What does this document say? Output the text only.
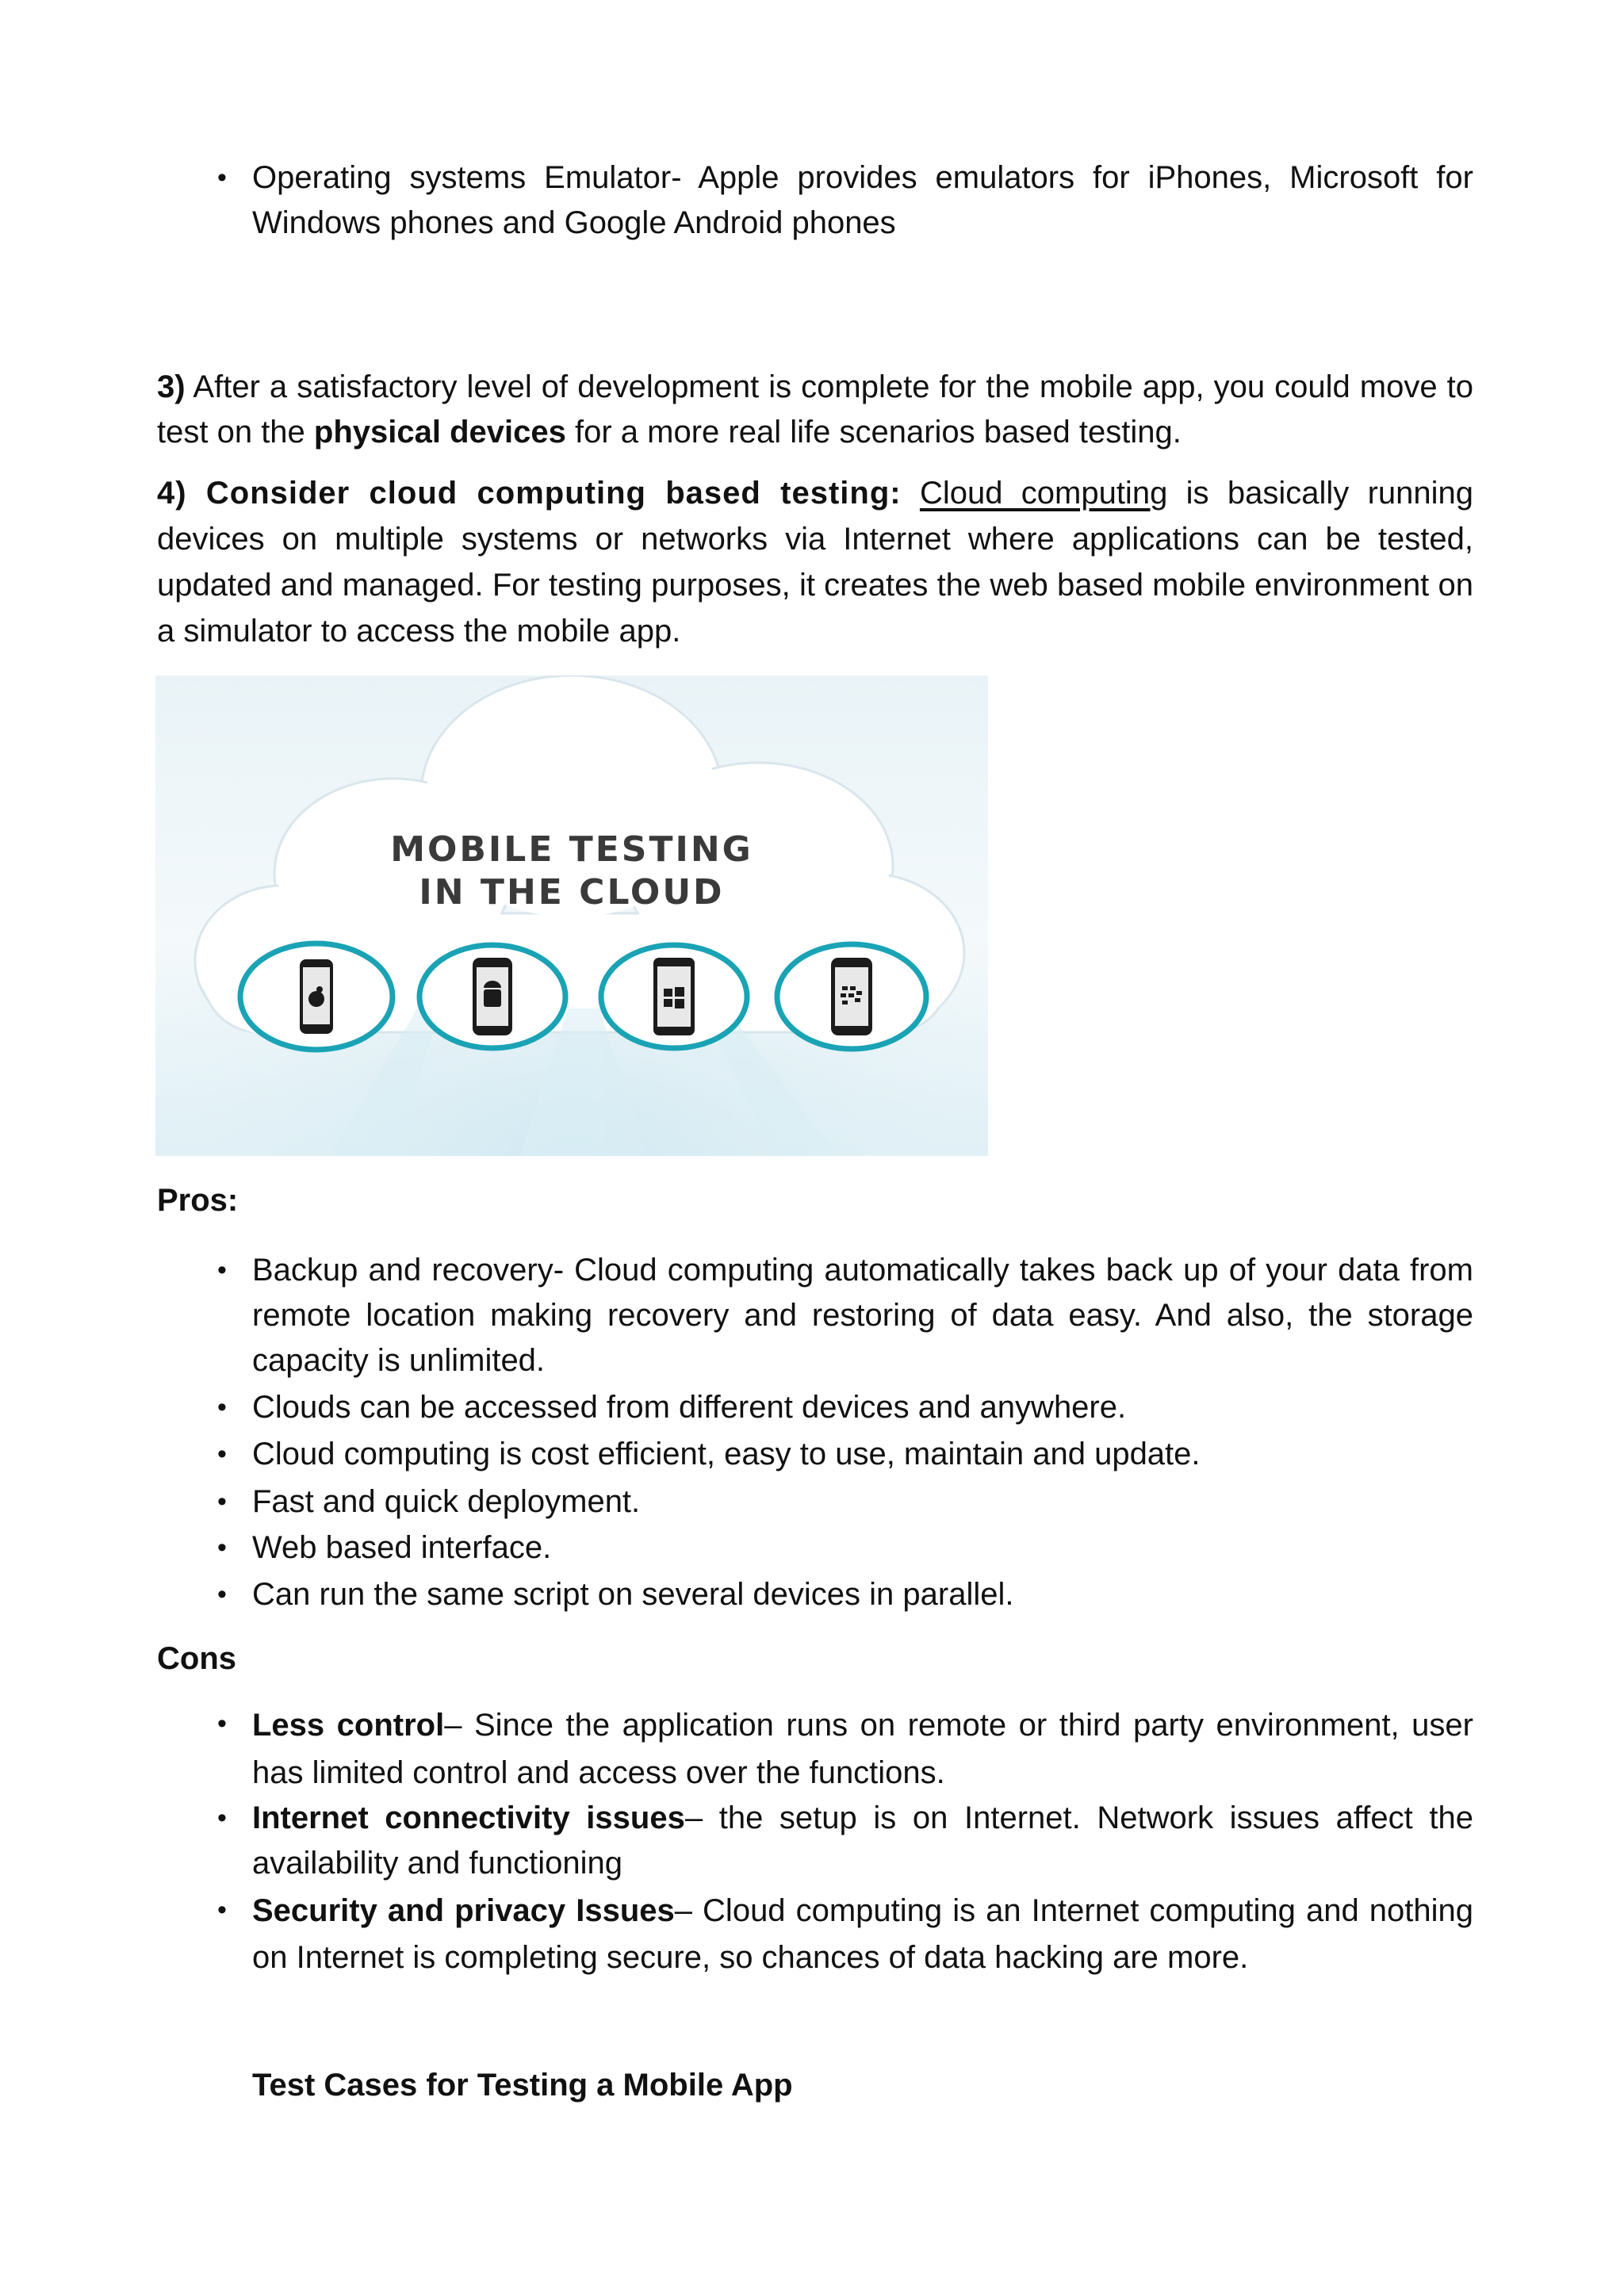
• Operating systems Emulator- Apple provides emulators for iPhones, Microsoft for Windows phones and Google Android phones
3) After a satisfactory level of development is complete for the mobile app, you could move to test on the physical devices for a more real life scenarios based testing.
4) Consider cloud computing based testing: Cloud computing is basically running devices on multiple systems or networks via Internet where applications can be tested, updated and managed. For testing purposes, it creates the web based mobile environment on a simulator to access the mobile app.
MOBILE TESTING
IN THE CLOUD
Pros:
• Backup and recovery- Cloud computing automatically takes back up of your data from remote location making recovery and restoring of data easy. And also, the storage capacity is unlimited.
• Clouds can be accessed from different devices and anywhere.
• Cloud computing is cost efficient, easy to use, maintain and update.
• Fast and quick deployment.
• Web based interface.
• Can run the same script on several devices in parallel.
Cons
• Less control– Since the application runs on remote or third party environment, user has limited control and access over the functions.
• Internet connectivity issues– the setup is on Internet. Network issues affect the availability and functioning
• Security and privacy Issues– Cloud computing is an Internet computing and nothing on Internet is completing secure, so chances of data hacking are more.
Test Cases for Testing a Mobile App
